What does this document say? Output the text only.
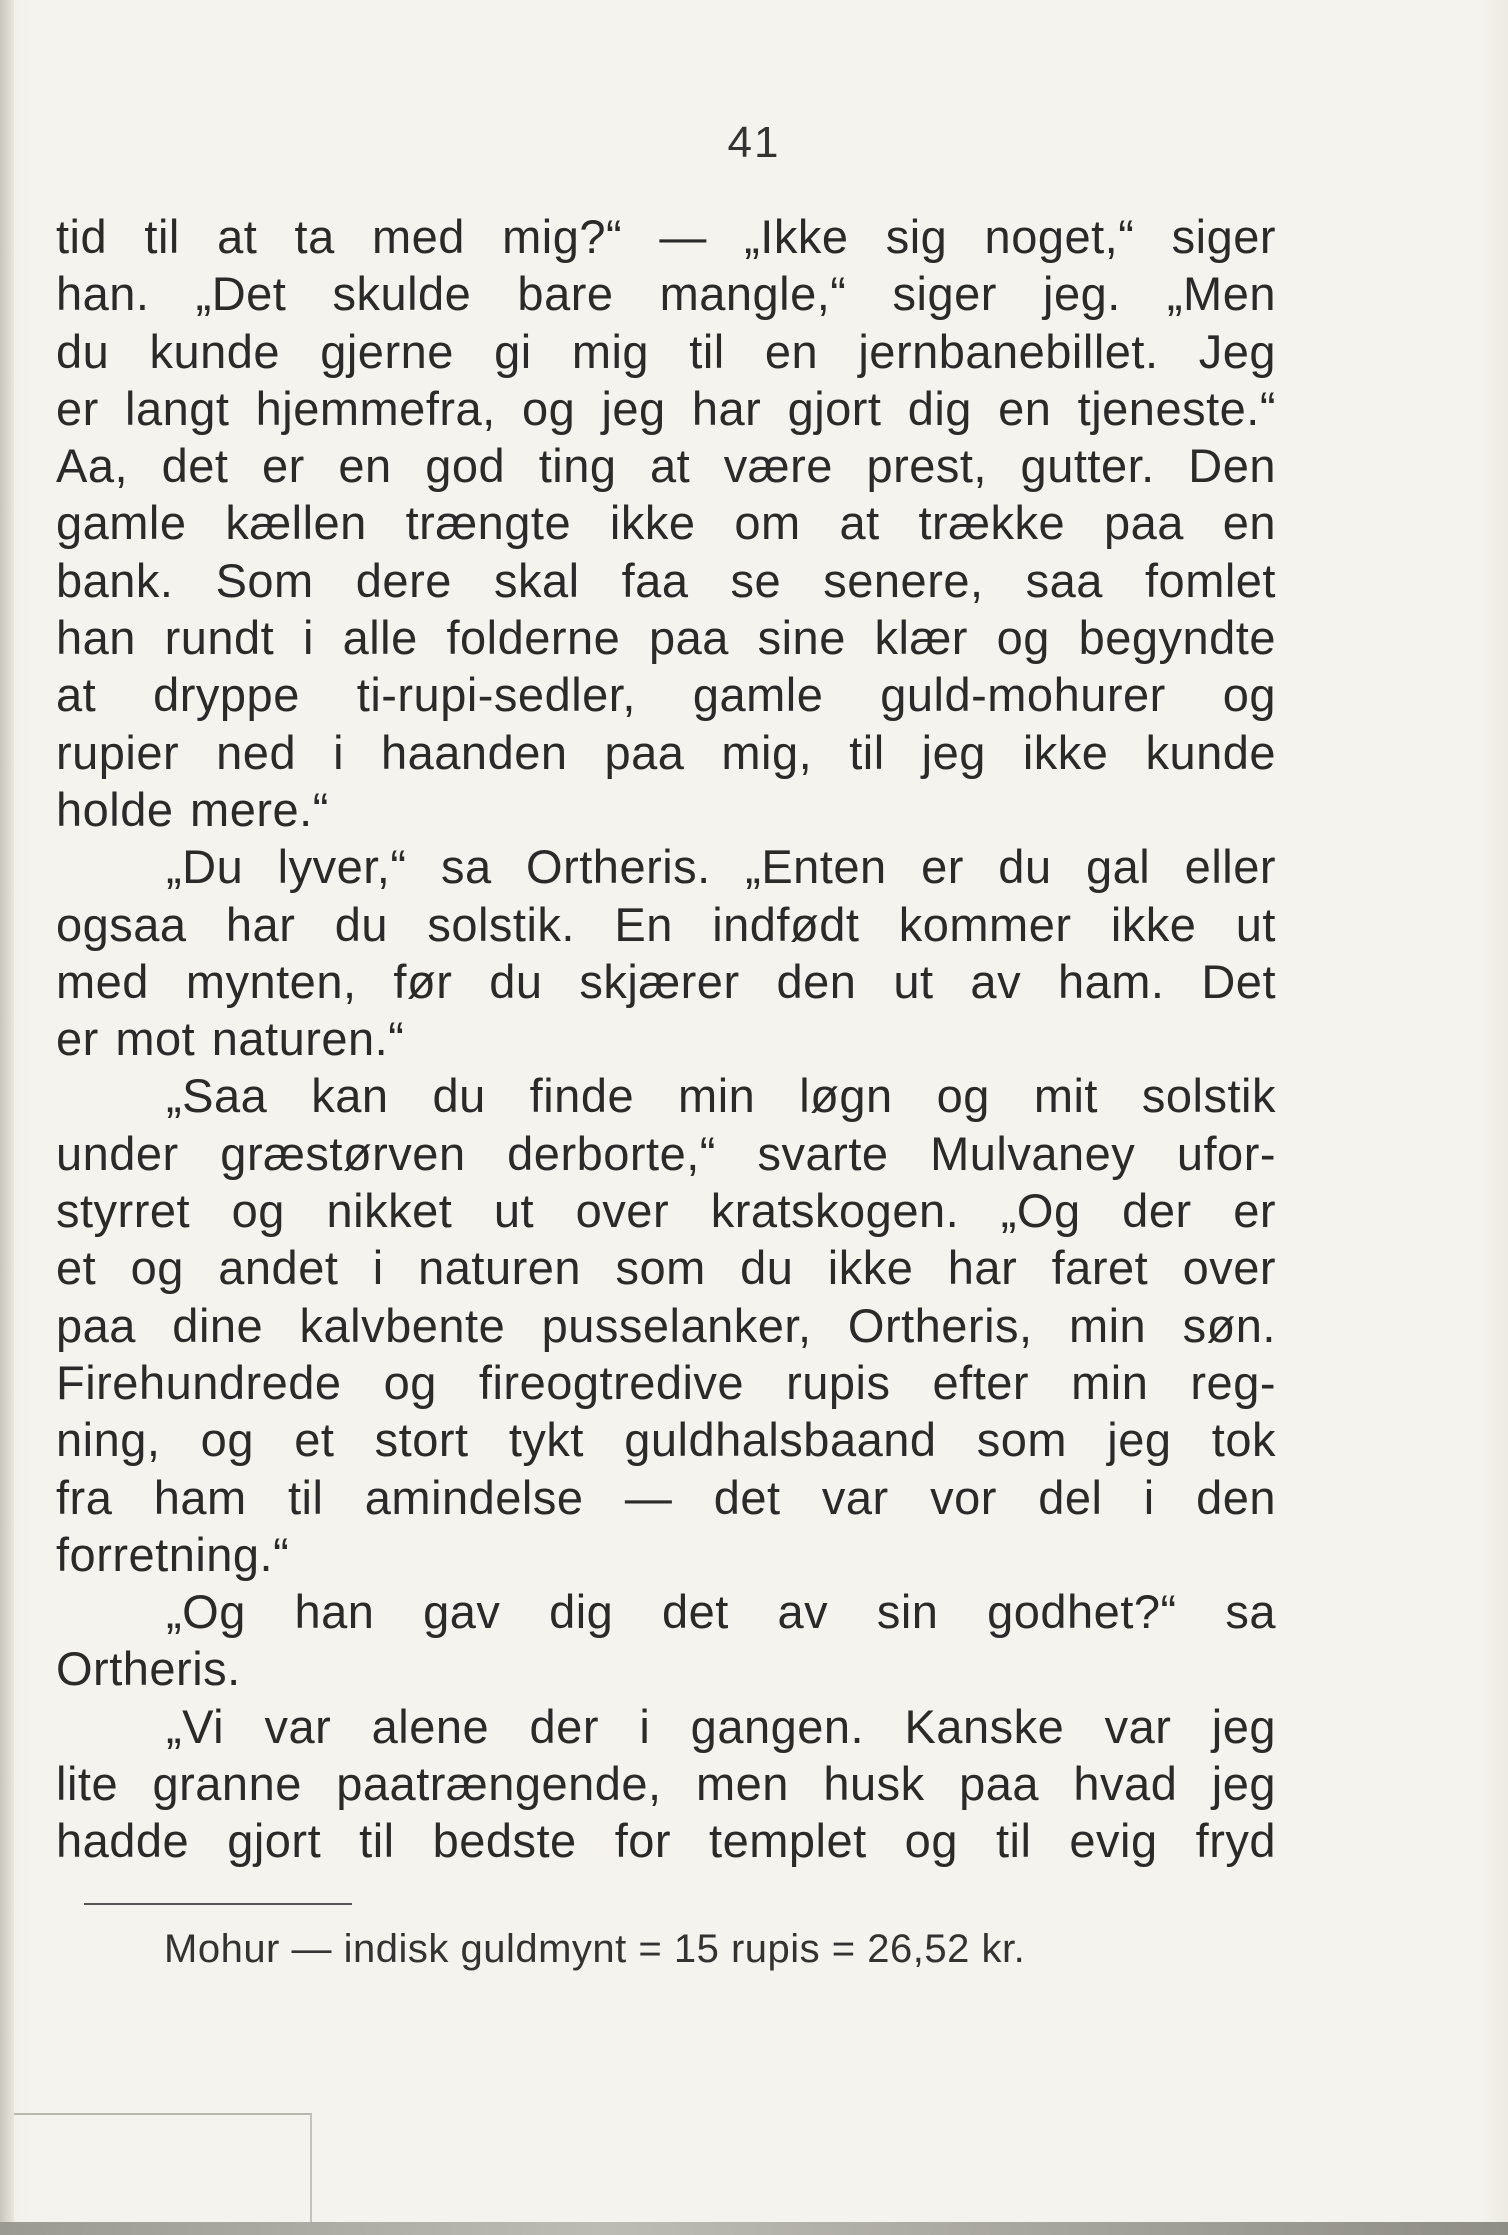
41
tid til at ta med mig?“ — „Ikke sig noget,“ siger
han. „Det skulde bare mangle,“ siger jeg. „Men
du kunde gjerne gi mig til en jernbanebillet. Jeg
er langt hjemmefra, og jeg har gjort dig en tjeneste.“
Aa, det er en god ting at være prest, gutter. Den
gamle kællen trængte ikke om at trække paa en
bank. Som dere skal faa se senere, saa fomlet
han rundt i alle folderne paa sine klær og begyndte
at dryppe ti-rupi-sedler, gamle guld-mohurer og
rupier ned i haanden paa mig, til jeg ikke kunde
holde mere.“
„Du lyver,“ sa Ortheris. „Enten er du gal eller
ogsaa har du solstik. En indfødt kommer ikke ut
med mynten, før du skjærer den ut av ham. Det
er mot naturen.“
„Saa kan du finde min løgn og mit solstik
under græstørven derborte,“ svarte Mulvaney ufor-
styrret og nikket ut over kratskogen. „Og der er
et og andet i naturen som du ikke har faret over
paa dine kalvbente pusselanker, Ortheris, min søn.
Firehundrede og fireogtredive rupis efter min reg-
ning, og et stort tykt guldhalsbaand som jeg tok
fra ham til amindelse — det var vor del i den
forretning.“
„Og han gav dig det av sin godhet?“ sa
Ortheris.
„Vi var alene der i gangen. Kanske var jeg
lite granne paatrængende, men husk paa hvad jeg
hadde gjort til bedste for templet og til evig fryd
Mohur — indisk guldmynt = 15 rupis = 26,52 kr.
